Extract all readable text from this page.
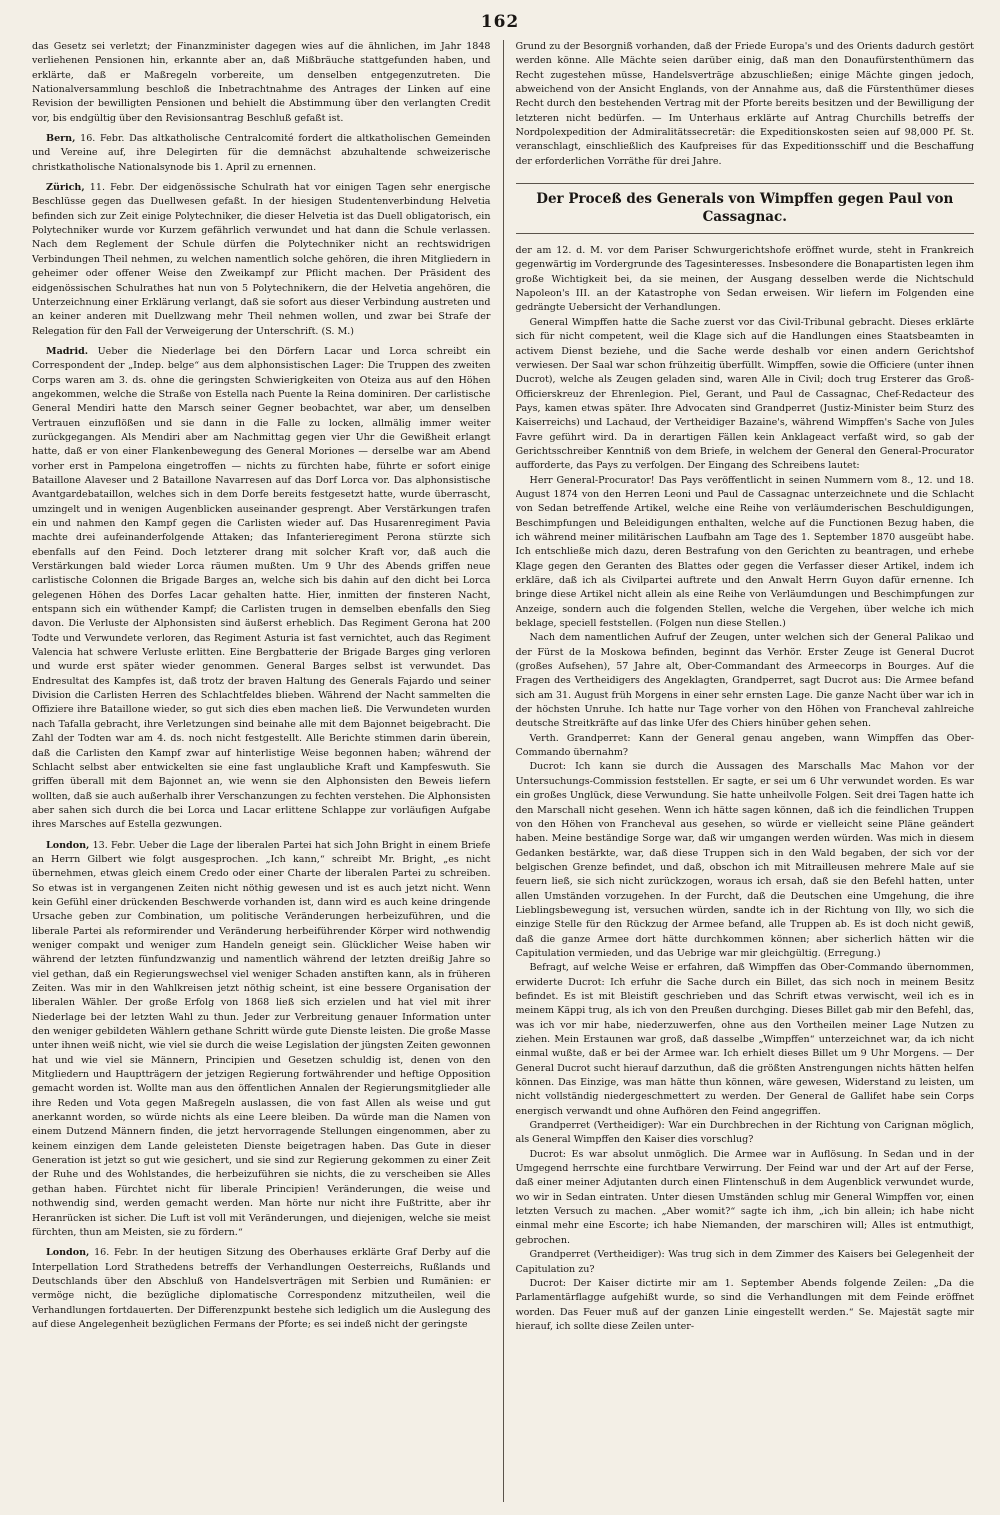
162

das Gesetz sei verletzt; der Finanzminister dagegen wies auf die ähnlichen, im Jahr 1848 verliehenen Pensionen hin, erkannte aber an, daß Mißbräuche stattgefunden haben, und erklärte, daß er Maßregeln vorbereite, um denselben entgegenzutreten. Die Nationalversammlung beschloß die Inbetrachtnahme des Antrages der Linken auf eine Revision der bewilligten Pensionen und behielt die Abstimmung über den verlangten Credit vor, bis endgültig über den Revisionsantrag Beschluß gefaßt ist.

Bern, 16. Febr. Das altkatholische Centralcomité fordert die altkatholischen Gemeinden und Vereine auf, ihre Delegirten für die demnächst abzuhaltende schweizerische christkatholische Nationalsynode bis 1. April zu ernennen.

Zürich, 11. Febr. Der eidgenössische Schulrath hat vor einigen Tagen sehr energische Beschlüsse gegen das Duellwesen gefaßt. In der hiesigen Studentenverbindung Helvetia befinden sich zur Zeit einige Polytechniker, die dieser Helvetia ist das Duell obligatorisch, ein Polytechniker wurde vor Kurzem gefährlich verwundet und hat dann die Schule verlassen. Nach dem Reglement der Schule dürfen die Polytechniker nicht an rechtswidrigen Verbindungen Theil nehmen, zu welchen namentlich solche gehören, die ihren Mitgliedern in geheimer oder offener Weise den Zweikampf zur Pflicht machen. Der Präsident des eidgenössischen Schulrathes hat nun von 5 Polytechnikern, die der Helvetia angehören, die Unterzeichnung einer Erklärung verlangt, daß sie sofort aus dieser Verbindung austreten und an keiner anderen mit Duellzwang mehr Theil nehmen wollen, und zwar bei Strafe der Relegation für den Fall der Verweigerung der Unterschrift. (S. M.)

Madrid. Ueber die Niederlage bei den Dörfern Lacar und Lorca schreibt ein Correspondent der „Indep. belge“ aus dem alphonsistischen Lager: Die Truppen des zweiten Corps waren am 3. ds. ohne die geringsten Schwierigkeiten von Oteiza aus auf den Höhen angekommen, welche die Straße von Estella nach Puente la Reina dominiren. Der carlistische General Mendiri hatte den Marsch seiner Gegner beobachtet, war aber, um denselben Vertrauen einzuflößen und sie dann in die Falle zu locken, allmälig immer weiter zurückgegangen. Als Mendiri aber am Nachmittag gegen vier Uhr die Gewißheit erlangt hatte, daß er von einer Flankenbewegung des General Moriones — derselbe war am Abend vorher erst in Pampelona eingetroffen — nichts zu fürchten habe, führte er sofort einige Bataillone Alaveser und 2 Bataillone Navarresen auf das Dorf Lorca vor. Das alphonsistische Avantgardebataillon, welches sich in dem Dorfe bereits festgesetzt hatte, wurde überrascht, umzingelt und in wenigen Augenblicken auseinander gesprengt. Aber Verstärkungen trafen ein und nahmen den Kampf gegen die Carlisten wieder auf. Das Husarenregiment Pavia machte drei aufeinanderfolgende Attaken; das Infanterieregiment Perona stürzte sich ebenfalls auf den Feind. Doch letzterer drang mit solcher Kraft vor, daß auch die Verstärkungen bald wieder Lorca räumen mußten. Um 9 Uhr des Abends griffen neue carlistische Colonnen die Brigade Barges an, welche sich bis dahin auf den dicht bei Lorca gelegenen Höhen des Dorfes Lacar gehalten hatte. Hier, inmitten der finsteren Nacht, entspann sich ein wüthender Kampf; die Carlisten trugen in demselben ebenfalls den Sieg davon. Die Verluste der Alphonsisten sind äußerst erheblich. Das Regiment Gerona hat 200 Todte und Verwundete verloren, das Regiment Asturia ist fast vernichtet, auch das Regiment Valencia hat schwere Verluste erlitten. Eine Bergbatterie der Brigade Barges ging verloren und wurde erst später wieder genommen. General Barges selbst ist verwundet. Das Endresultat des Kampfes ist, daß trotz der braven Haltung des Generals Fajardo und seiner Division die Carlisten Herren des Schlachtfeldes blieben. Während der Nacht sammelten die Offiziere ihre Bataillone wieder, so gut sich dies eben machen ließ. Die Verwundeten wurden nach Tafalla gebracht, ihre Verletzungen sind beinahe alle mit dem Bajonnet beigebracht. Die Zahl der Todten war am 4. ds. noch nicht festgestellt. Alle Berichte stimmen darin überein, daß die Carlisten den Kampf zwar auf hinterlistige Weise begonnen haben; während der Schlacht selbst aber entwickelten sie eine fast unglaubliche Kraft und Kampfeswuth. Sie griffen überall mit dem Bajonnet an, wie wenn sie den Alphonsisten den Beweis liefern wollten, daß sie auch außerhalb ihrer Verschanzungen zu fechten verstehen. Die Alphonsisten aber sahen sich durch die bei Lorca und Lacar erlittene Schlappe zur vorläufigen Aufgabe ihres Marsches auf Estella gezwungen.

London, 13. Febr. Ueber die Lage der liberalen Partei hat sich John Bright in einem Briefe an Herrn Gilbert wie folgt ausgesprochen. „Ich kann,“ schreibt Mr. Bright, „es nicht übernehmen, etwas gleich einem Credo oder einer Charte der liberalen Partei zu schreiben. So etwas ist in vergangenen Zeiten nicht nöthig gewesen und ist es auch jetzt nicht. Wenn kein Gefühl einer drückenden Beschwerde vorhanden ist, dann wird es auch keine dringende Ursache geben zur Combination, um politische Veränderungen herbeizuführen, und die liberale Partei als reformirender und Veränderung herbeiführender Körper wird nothwendig weniger compakt und weniger zum Handeln geneigt sein. Glücklicher Weise haben wir während der letzten fünfundzwanzig und namentlich während der letzten dreißig Jahre so viel gethan, daß ein Regierungswechsel viel weniger Schaden anstiften kann, als in früheren Zeiten. Was mir in den Wahlkreisen jetzt nöthig scheint, ist eine bessere Organisation der liberalen Wähler. Der große Erfolg von 1868 ließ sich erzielen und hat viel mit ihrer Niederlage bei der letzten Wahl zu thun. Jeder zur Verbreitung genauer Information unter den weniger gebildeten Wählern gethane Schritt würde gute Dienste leisten. Die große Masse unter ihnen weiß nicht, wie viel sie durch die weise Legislation der jüngsten Zeiten gewonnen hat und wie viel sie Männern, Principien und Gesetzen schuldig ist, denen von den Mitgliedern und Hauptträgern der jetzigen Regierung fortwährender und heftige Opposition gemacht worden ist. Wollte man aus den öffentlichen Annalen der Regierungsmitglieder alle ihre Reden und Vota gegen Maßregeln auslassen, die von fast Allen als weise und gut anerkannt worden, so würde nichts als eine Leere bleiben. Da würde man die Namen von einem Dutzend Männern finden, die jetzt hervorragende Stellungen eingenommen, aber zu keinem einzigen dem Lande geleisteten Dienste beigetragen haben. Das Gute in dieser Generation ist jetzt so gut wie gesichert, und sie sind zur Regierung gekommen zu einer Zeit der Ruhe und des Wohlstandes, die herbeizuführen sie nichts, die zu verscheiben sie Alles gethan haben. Fürchtet nicht für liberale Principien! Veränderungen, die weise und nothwendig sind, werden gemacht werden. Man hörte nur nicht ihre Fußtritte, aber ihr Heranrücken ist sicher. Die Luft ist voll mit Veränderungen, und diejenigen, welche sie meist fürchten, thun am Meisten, sie zu fördern.“

London, 16. Febr. In der heutigen Sitzung des Oberhauses erklärte Graf Derby auf die Interpellation Lord Strathedens betreffs der Verhandlungen Oesterreichs, Rußlands und Deutschlands über den Abschluß von Handelsverträgen mit Serbien und Rumänien: er vermöge nicht, die bezügliche diplomatische Correspondenz mitzutheilen, weil die Verhandlungen fortdauerten. Der Differenzpunkt bestehe sich lediglich um die Auslegung des auf diese Angelegenheit bezüglichen Fermans der Pforte; es sei indeß nicht der geringste

Grund zu der Besorgniß vorhanden, daß der Friede Europa's und des Orients dadurch gestört werden könne. Alle Mächte seien darüber einig, daß man den Donaufürstenthümern das Recht zugestehen müsse, Handelsverträge abzuschließen; einige Mächte gingen jedoch, abweichend von der Ansicht Englands, von der Annahme aus, daß die Fürstenthümer dieses Recht durch den bestehenden Vertrag mit der Pforte bereits besitzen und der Bewilligung der letzteren nicht bedürfen. — Im Unterhaus erklärte auf Antrag Churchills betreffs der Nordpolexpedition der Admiralitätssecretär: die Expeditionskosten seien auf 98,000 Pf. St. veranschlagt, einschließlich des Kaufpreises für das Expeditionsschiff und die Beschaffung der erforderlichen Vorräthe für drei Jahre.

Der Proceß des Generals von Wimpffen gegen Paul von Cassagnac.

der am 12. d. M. vor dem Pariser Schwurgerichtshofe eröffnet wurde, steht in Frankreich gegenwärtig im Vordergrunde des Tagesinteresses. Insbesondere die Bonapartisten legen ihm große Wichtigkeit bei, da sie meinen, der Ausgang desselben werde die Nichtschuld Napoleon's III. an der Katastrophe von Sedan erweisen. Wir liefern im Folgenden eine gedrängte Uebersicht der Verhandlungen.

General Wimpffen hatte die Sache zuerst vor das Civil-Tribunal gebracht. Dieses erklärte sich für nicht competent, weil die Klage sich auf die Handlungen eines Staatsbeamten in activem Dienst beziehe, und die Sache werde deshalb vor einen andern Gerichtshof verwiesen. Der Saal war schon frühzeitig überfüllt. Wimpffen, sowie die Officiere (unter ihnen Ducrot), welche als Zeugen geladen sind, waren Alle in Civil; doch trug Ersterer das Groß-Officierskreuz der Ehrenlegion. Piel, Gerant, und Paul de Cassagnac, Chef-Redacteur des Pays, kamen etwas später. Ihre Advocaten sind Grandperret (Justiz-Minister beim Sturz des Kaiserreichs) und Lachaud, der Vertheidiger Bazaine's, während Wimpffen's Sache von Jules Favre geführt wird. Da in derartigen Fällen kein Anklageact verfaßt wird, so gab der Gerichtsschreiber Kenntniß von dem Briefe, in welchem der General den General-Procurator aufforderte, das Pays zu verfolgen. Der Eingang des Schreibens lautet:

Herr General-Procurator! Das Pays veröffentlicht in seinen Nummern vom 8., 12. und 18. August 1874 von den Herren Leoni und Paul de Cassagnac unterzeichnete und die Schlacht von Sedan betreffende Artikel, welche eine Reihe von verläumderischen Beschuldigungen, Beschimpfungen und Beleidigungen enthalten, welche auf die Functionen Bezug haben, die ich während meiner militärischen Laufbahn am Tage des 1. September 1870 ausgeübt habe. Ich entschließe mich dazu, deren Bestrafung von den Gerichten zu beantragen, und erhebe Klage gegen den Geranten des Blattes oder gegen die Verfasser dieser Artikel, indem ich erkläre, daß ich als Civilpartei auftrete und den Anwalt Herrn Guyon dafür ernenne. Ich bringe diese Artikel nicht allein als eine Reihe von Verläumdungen und Beschimpfungen zur Anzeige, sondern auch die folgenden Stellen, welche die Vergehen, über welche ich mich beklage, speciell feststellen. (Folgen nun diese Stellen.)

Nach dem namentlichen Aufruf der Zeugen, unter welchen sich der General Palikao und der Fürst de la Moskowa befinden, beginnt das Verhör. Erster Zeuge ist General Ducrot (großes Aufsehen), 57 Jahre alt, Ober-Commandant des Armeecorps in Bourges. Auf die Fragen des Vertheidigers des Angeklagten, Grandperret, sagt Ducrot aus: Die Armee befand sich am 31. August früh Morgens in einer sehr ernsten Lage. Die ganze Nacht über war ich in der höchsten Unruhe. Ich hatte nur Tage vorher von den Höhen von Francheval zahlreiche deutsche Streitkräfte auf das linke Ufer des Chiers hinüber gehen sehen.

Verth. Grandperret: Kann der General genau angeben, wann Wimpffen das Ober-Commando übernahm?

Ducrot: Ich kann sie durch die Aussagen des Marschalls Mac Mahon vor der Untersuchungs-Commission feststellen. Er sagte, er sei um 6 Uhr verwundet worden. Es war ein großes Unglück, diese Verwundung. Sie hatte unheilvolle Folgen. Seit drei Tagen hatte ich den Marschall nicht gesehen. Wenn ich hätte sagen können, daß ich die feindlichen Truppen von den Höhen von Francheval aus gesehen, so würde er vielleicht seine Pläne geändert haben. Meine beständige Sorge war, daß wir umgangen werden würden. Was mich in diesem Gedanken bestärkte, war, daß diese Truppen sich in den Wald begaben, der sich vor der belgischen Grenze befindet, und daß, obschon ich mit Mitrailleusen mehrere Male auf sie feuern ließ, sie sich nicht zurückzogen, woraus ich ersah, daß sie den Befehl hatten, unter allen Umständen vorzugehen. In der Furcht, daß die Deutschen eine Umgehung, die ihre Lieblingsbewegung ist, versuchen würden, sandte ich in der Richtung von Illy, wo sich die einzige Stelle für den Rückzug der Armee befand, alle Truppen ab. Es ist doch nicht gewiß, daß die ganze Armee dort hätte durchkommen können; aber sicherlich hätten wir die Capitulation vermieden, und das Uebrige war mir gleichgültig. (Erregung.)

Befragt, auf welche Weise er erfahren, daß Wimpffen das Ober-Commando übernommen, erwiderte Ducrot: Ich erfuhr die Sache durch ein Billet, das sich noch in meinem Besitz befindet. Es ist mit Bleistift geschrieben und das Schrift etwas verwischt, weil ich es in meinem Käppi trug, als ich von den Preußen durchging. Dieses Billet gab mir den Befehl, das, was ich vor mir habe, niederzuwerfen, ohne aus den Vortheilen meiner Lage Nutzen zu ziehen. Mein Erstaunen war groß, daß dasselbe „Wimpffen“ unterzeichnet war, da ich nicht einmal wußte, daß er bei der Armee war. Ich erhielt dieses Billet um 9 Uhr Morgens. — Der General Ducrot sucht hierauf darzuthun, daß die größten Anstrengungen nichts hätten helfen können. Das Einzige, was man hätte thun können, wäre gewesen, Widerstand zu leisten, um nicht vollständig niedergeschmettert zu werden. Der General de Gallifet habe sein Corps energisch verwandt und ohne Aufhören den Feind angegriffen.

Grandperret (Vertheidiger): War ein Durchbrechen in der Richtung von Carignan möglich, als General Wimpffen den Kaiser dies vorschlug?

Ducrot: Es war absolut unmöglich. Die Armee war in Auflösung. In Sedan und in der Umgegend herrschte eine furchtbare Verwirrung. Der Feind war und der Art auf der Ferse, daß einer meiner Adjutanten durch einen Flintenschuß in dem Augenblick verwundet wurde, wo wir in Sedan eintraten. Unter diesen Umständen schlug mir General Wimpffen vor, einen letzten Versuch zu machen. „Aber womit?“ sagte ich ihm, „ich bin allein; ich habe nicht einmal mehr eine Escorte; ich habe Niemanden, der marschiren will; Alles ist entmuthigt, gebrochen.

Grandperret (Vertheidiger): Was trug sich in dem Zimmer des Kaisers bei Gelegenheit der Capitulation zu?

Ducrot: Der Kaiser dictirte mir am 1. September Abends folgende Zeilen: „Da die Parlamentärflagge aufgehißt wurde, so sind die Verhandlungen mit dem Feinde eröffnet worden. Das Feuer muß auf der ganzen Linie eingestellt werden.“ Se. Majestät sagte mir hierauf, ich sollte diese Zeilen unter-
